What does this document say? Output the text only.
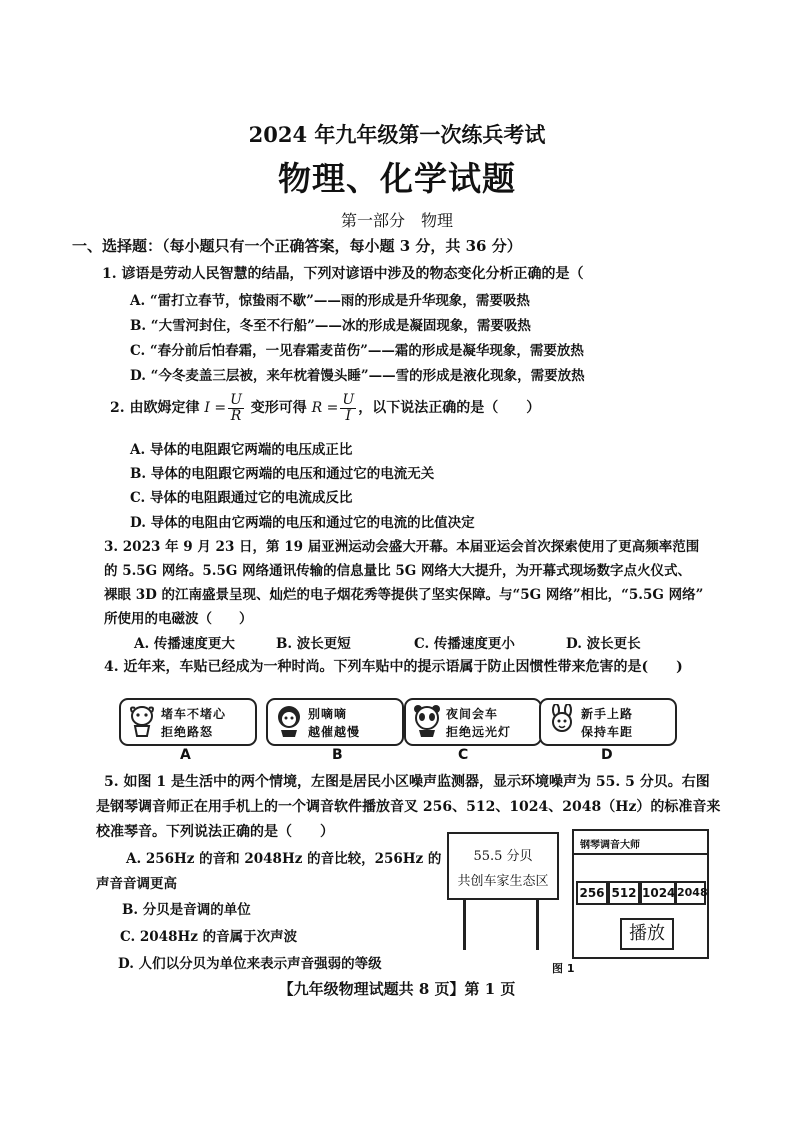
2024 年九年级第一次练兵考试
物理、化学试题
第一部分　物理
一、选择题：（每小题只有一个正确答案，每小题 3 分，共 36 分）
1. 谚语是劳动人民智慧的结晶，下列对谚语中涉及的物态变化分析正确的是（
A. “雷打立春节，惊蛰雨不歇”——雨的形成是升华现象，需要吸热
B. “大雪河封住，冬至不行船”——冰的形成是凝固现象，需要吸热
C. “春分前后怕春霜，一见春霜麦苗伤”——霜的形成是凝华现象，需要放热
D. “今冬麦盖三层被，来年枕着馒头睡”——雪的形成是液化现象，需要放热
2. 由欧姆定律 $I = \frac{U}{R}$ 变形可得 $R = \frac{U}{I}$ ，以下说法正确的是（　　）
A. 导体的电阻跟它两端的电压成正比
B. 导体的电阻跟它两端的电压和通过它的电流无关
C. 导体的电阻跟通过它的电流成反比
D. 导体的电阻由它两端的电压和通过它的电流的比值决定
3. 2023 年 9 月 23 日，第 19 届亚洲运动会盛大开幕。本届亚运会首次探索使用了更高频率范围
的 5.5G 网络。5.5G 网络通讯传输的信息量比 5G 网络大大提升，为开幕式现场数字点火仪式、
裸眼 3D 的江南盛景呈现、灿烂的电子烟花秀等提供了坚实保障。与“5G 网络”相比，“5.5G 网络”
所使用的电磁波（　　）
A. 传播速度更大	B. 波长更短	C. 传播速度更小	D. 波长更长
4. 近年来，车贴已经成为一种时尚。下列车贴中的提示语属于防止因惯性带来危害的是(　　)
堵车不堵心
拒绝路怒
别嘀嘀
越催越慢
夜间会车
拒绝远光灯
新手上路
保持车距
A	B	C	D
5. 如图 1 是生活中的两个情境，左图是居民小区噪声监测器，显示环境噪声为 55. 5 分贝。右图
是钢琴调音师正在用手机上的一个调音软件播放音叉 256、512、1024、2048（Hz）的标准音来
校准琴音。下列说法正确的是（　　）
A. 256Hz 的音和 2048Hz 的音比较，256Hz 的
声音音调更高
B. 分贝是音调的单位
C. 2048Hz 的音属于次声波
D. 人们以分贝为单位来表示声音强弱的等级
55.5 分贝
共创车家生态区
钢琴调音大师
256 512 1024 2048
播放
图 1
【九年级物理试题共 8 页】第 1 页
